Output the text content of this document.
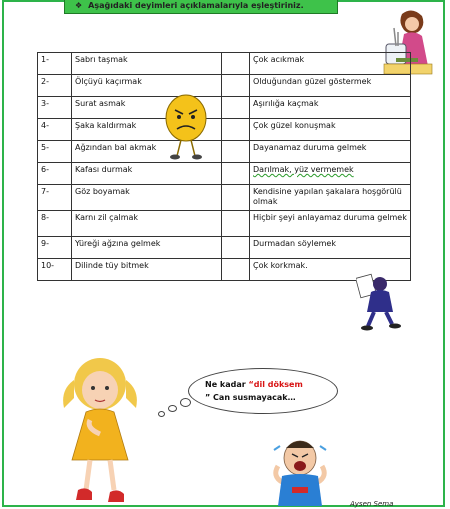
❖ Aşağıdaki deyimleri açıklamalarıyla eşleştiriniz.
1-	Sabrı taşmak		Çok acıkmak
2-	Ölçüyü kaçırmak		Olduğundan güzel göstermek
3-	Surat asmak		Aşırılığa kaçmak
4-	Şaka kaldırmak		Çok güzel konuşmak
5-	Ağzından bal akmak		Dayanamaz duruma gelmek
6-	Kafası durmak		Darılmak, yüz vermemek
7-	Göz boyamak		Kendisine yapılan şakalara hoşgörülü olmak
8-	Karnı zil çalmak		Hiçbir şeyi anlayamaz duruma gelmek
9-	Yüreği ağzına gelmek		Durmadan söylemek
10-	Dilinde tüy bitmek		Çok korkmak.
Ne kadar “dil döksem
” Can susmayacak…
Aysen Sema
